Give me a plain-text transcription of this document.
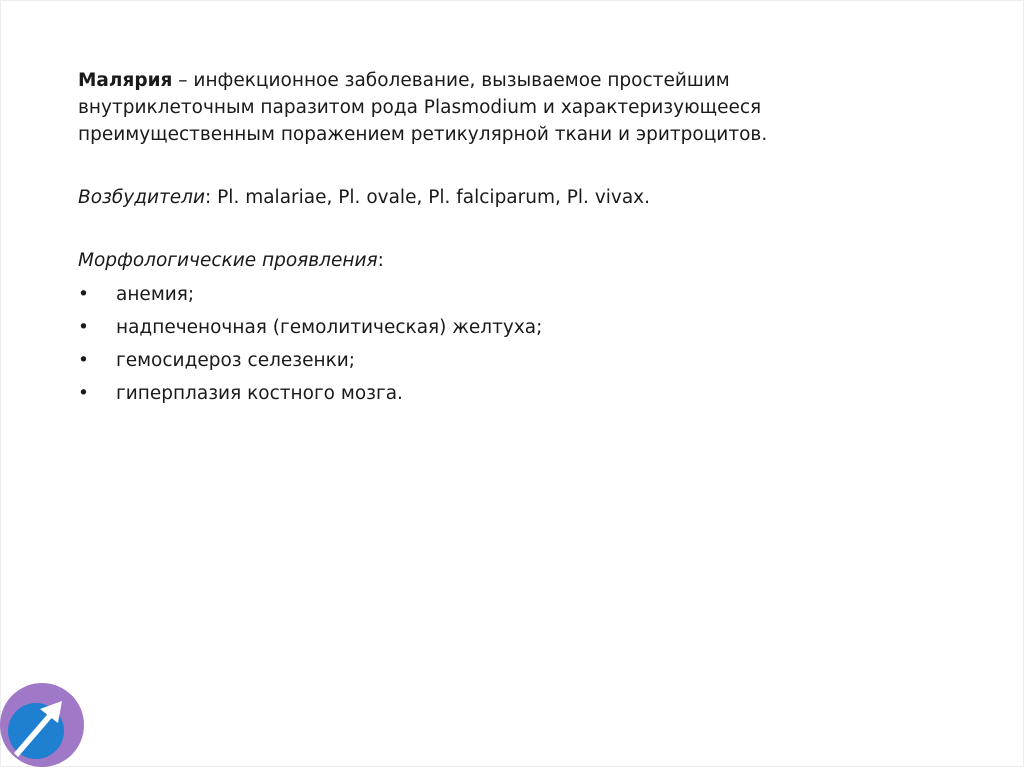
Малярия – инфекционное заболевание, вызываемое простейшим
внутриклеточным паразитом рода Plasmodium и характеризующееся
преимущественным поражением ретикулярной ткани и эритроцитов.

Возбудители: Pl. malariae, Pl. ovale, Pl. falciparum, Pl. vivax.

Морфологические проявления:

• анемия;
• надпеченочная (гемолитическая) желтуха;
• гемосидероз селезенки;
• гиперплазия костного мозга.
